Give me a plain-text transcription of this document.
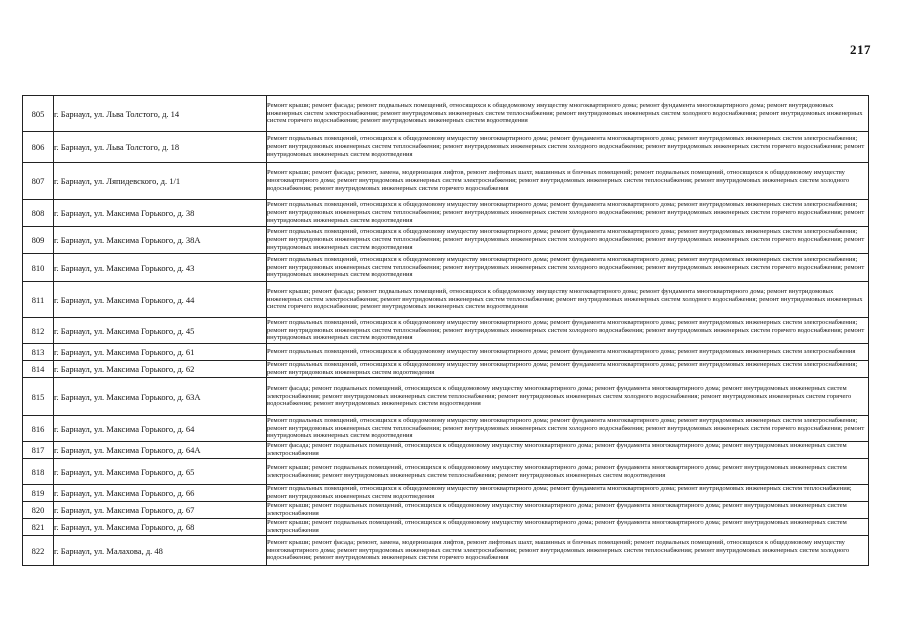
217
805	г. Барнаул, ул. Льва Толстого, д. 14	Ремонт крыши; ремонт фасада; ремонт подвальных помещений, относящихся к общедомовому имуществу многоквартирного дома; ремонт фундамента многоквартирного дома; ремонт внутридомовых инженерных систем электроснабжения; ремонт внутридомовых инженерных систем теплоснабжения; ремонт внутридомовых инженерных систем холодного водоснабжения; ремонт внутридомовых инженерных систем горячего водоснабжения; ремонт внутридомовых инженерных систем водоотведения
806	г. Барнаул, ул. Льва Толстого, д. 18	Ремонт подвальных помещений, относящихся к общедомовому имуществу многоквартирного дома; ремонт фундамента многоквартирного дома; ремонт внутридомовых инженерных систем электроснабжения; ремонт внутридомовых инженерных систем теплоснабжения; ремонт внутридомовых инженерных систем холодного водоснабжения; ремонт внутридомовых инженерных систем горячего водоснабжения; ремонт внутридомовых инженерных систем водоотведения
807	г. Барнаул, ул. Ляпидевского, д. 1/1	Ремонт крыши; ремонт фасада; ремонт, замена, модернизация лифтов, ремонт лифтовых шахт, машинных и блочных помещений; ремонт подвальных помещений, относящихся к общедомовому имуществу многоквартирного дома; ремонт внутридомовых инженерных систем электроснабжения; ремонт внутридомовых инженерных систем теплоснабжения; ремонт внутридомовых инженерных систем холодного водоснабжения; ремонт внутридомовых инженерных систем горячего водоснабжения
808	г. Барнаул, ул. Максима Горького, д. 38	Ремонт подвальных помещений, относящихся к общедомовому имуществу многоквартирного дома; ремонт фундамента многоквартирного дома; ремонт внутридомовых инженерных систем электроснабжения; ремонт внутридомовых инженерных систем теплоснабжения; ремонт внутридомовых инженерных систем холодного водоснабжения; ремонт внутридомовых инженерных систем горячего водоснабжения; ремонт внутридомовых инженерных систем водоотведения
809	г. Барнаул, ул. Максима Горького, д. 38А	Ремонт подвальных помещений, относящихся к общедомовому имуществу многоквартирного дома; ремонт фундамента многоквартирного дома; ремонт внутридомовых инженерных систем электроснабжения; ремонт внутридомовых инженерных систем теплоснабжения; ремонт внутридомовых инженерных систем холодного водоснабжения; ремонт внутридомовых инженерных систем горячего водоснабжения; ремонт внутридомовых инженерных систем водоотведения
810	г. Барнаул, ул. Максима Горького, д. 43	Ремонт подвальных помещений, относящихся к общедомовому имуществу многоквартирного дома; ремонт фундамента многоквартирного дома; ремонт внутридомовых инженерных систем электроснабжения; ремонт внутридомовых инженерных систем теплоснабжения; ремонт внутридомовых инженерных систем холодного водоснабжения; ремонт внутридомовых инженерных систем горячего водоснабжения; ремонт внутридомовых инженерных систем водоотведения
811	г. Барнаул, ул. Максима Горького, д. 44	Ремонт крыши; ремонт фасада; ремонт подвальных помещений, относящихся к общедомовому имуществу многоквартирного дома; ремонт фундамента многоквартирного дома; ремонт внутридомовых инженерных систем электроснабжения; ремонт внутридомовых инженерных систем теплоснабжения; ремонт внутридомовых инженерных систем холодного водоснабжения; ремонт внутридомовых инженерных систем горячего водоснабжения; ремонт внутридомовых инженерных систем водоотведения
812	г. Барнаул, ул. Максима Горького, д. 45	Ремонт подвальных помещений, относящихся к общедомовому имуществу многоквартирного дома; ремонт фундамента многоквартирного дома; ремонт внутридомовых инженерных систем электроснабжения; ремонт внутридомовых инженерных систем теплоснабжения; ремонт внутридомовых инженерных систем холодного водоснабжения; ремонт внутридомовых инженерных систем горячего водоснабжения; ремонт внутридомовых инженерных систем водоотведения
813	г. Барнаул, ул. Максима Горького, д. 61	Ремонт подвальных помещений, относящихся к общедомовому имуществу многоквартирного дома; ремонт фундамента многоквартирного дома; ремонт внутридомовых инженерных систем электроснабжения
814	г. Барнаул, ул. Максима Горького, д. 62	Ремонт подвальных помещений, относящихся к общедомовому имуществу многоквартирного дома; ремонт фундамента многоквартирного дома; ремонт внутридомовых инженерных систем электроснабжения; ремонт внутридомовых инженерных систем водоотведения
815	г. Барнаул, ул. Максима Горького, д. 63А	Ремонт фасада; ремонт подвальных помещений, относящихся к общедомовому имуществу многоквартирного дома; ремонт фундамента многоквартирного дома; ремонт внутридомовых инженерных систем электроснабжения; ремонт внутридомовых инженерных систем теплоснабжения; ремонт внутридомовых инженерных систем холодного водоснабжения; ремонт внутридомовых инженерных систем горячего водоснабжения; ремонт внутридомовых инженерных систем водоотведения
816	г. Барнаул, ул. Максима Горького, д. 64	Ремонт подвальных помещений, относящихся к общедомовому имуществу многоквартирного дома; ремонт фундамента многоквартирного дома; ремонт внутридомовых инженерных систем электроснабжения; ремонт внутридомовых инженерных систем теплоснабжения; ремонт внутридомовых инженерных систем холодного водоснабжения; ремонт внутридомовых инженерных систем горячего водоснабжения; ремонт внутридомовых инженерных систем водоотведения
817	г. Барнаул, ул. Максима Горького, д. 64А	Ремонт фасада; ремонт подвальных помещений, относящихся к общедомовому имуществу многоквартирного дома; ремонт фундамента многоквартирного дома; ремонт внутридомовых инженерных систем электроснабжения
818	г. Барнаул, ул. Максима Горького, д. 65	Ремонт крыши; ремонт подвальных помещений, относящихся к общедомовому имуществу многоквартирного дома; ремонт фундамента многоквартирного дома; ремонт внутридомовых инженерных систем электроснабжения; ремонт внутридомовых инженерных систем теплоснабжения; ремонт внутридомовых инженерных систем водоотведения
819	г. Барнаул, ул. Максима Горького, д. 66	Ремонт подвальных помещений, относящихся к общедомовому имуществу многоквартирного дома; ремонт фундамента многоквартирного дома; ремонт внутридомовых инженерных систем теплоснабжения; ремонт внутридомовых инженерных систем водоотведения
820	г. Барнаул, ул. Максима Горького, д. 67	Ремонт крыши; ремонт подвальных помещений, относящихся к общедомовому имуществу многоквартирного дома; ремонт фундамента многоквартирного дома; ремонт внутридомовых инженерных систем электроснабжения
821	г. Барнаул, ул. Максима Горького, д. 68	Ремонт крыши; ремонт подвальных помещений, относящихся к общедомовому имуществу многоквартирного дома; ремонт фундамента многоквартирного дома; ремонт внутридомовых инженерных систем электроснабжения
822	г. Барнаул, ул. Малахова, д. 48	Ремонт крыши; ремонт фасада; ремонт, замена, модернизация лифтов, ремонт лифтовых шахт, машинных и блочных помещений; ремонт подвальных помещений, относящихся к общедомовому имуществу многоквартирного дома; ремонт внутридомовых инженерных систем электроснабжения; ремонт внутридомовых инженерных систем теплоснабжения; ремонт внутридомовых инженерных систем холодного водоснабжения; ремонт внутридомовых инженерных систем горячего водоснабжения
